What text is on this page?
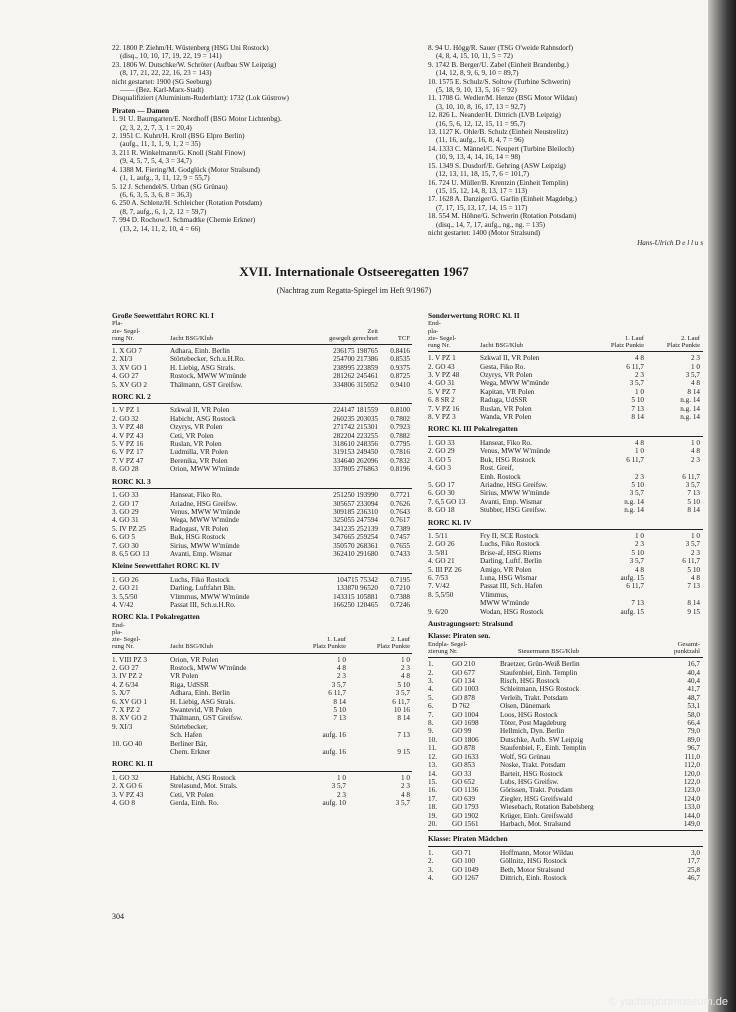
22. 1800 P. Ziehm/H. Wüstenberg (HSG Uni Rostock)
(disq., 10, 10, 17, 19, 22, 19 = 141)
23. 1806 W. Dutschke/W. Schröter (Aufbau SW Leipzig)
(8, 17, 21, 22, 22, 16, 23 = 143)
nicht gestartet: 1900 (SG Seeburg)
—— (Bez. Karl-Marx-Stadt)
Disqualifiziert (Aluminium-Ruderblatt): 1732 (Lok Güstrow)
Piraten — Damen
1. 91 U. Baumgarten/E. Nordhoff (BSG Motor Lichtenbg).
(2, 3, 2, 2, 7, 3, 1 = 20,4)
2. 1951 C. Kuhrt/H. Kroll (BSG Elpro Berlin)
(aufg., 11, 1, 1, 9, 1, 2 = 35)
3. 211 R. Winkelmann/G. Knoll (Stahl Finow)
(9, 4, 5, 7, 5, 4, 3 = 34,7)
4. 1388 M. Fiering/M. Godglück (Motor Stralsund)
(1, 1, aufg., 3, 11, 12, 9 = 55,7)
5. 12 J. Schendel/S. Urban (SG Grünau)
(6, 6, 3, 5, 3, 6, 8 = 36,3)
6. 250 A. Schlenz/H. Schleicher (Rotation Potsdam)
(8, 7, aufg., 6, 1, 2, 12 = 59,7)
7. 994 D. Rochow/J. Schmadtke (Chemie Erkner)
(13, 2, 14, 11, 2, 10, 4 = 66)
8. 94 U. Högg/R. Sauer (TSG O'weide Rahnsdorf)
(4, 8, 4, 15, 10, 11, 5 = 72)
9. 1742 B. Berger/U. Zabel (Einheit Brandenbg.)
(14, 12, 8, 9, 6, 9, 10 = 89,7)
10. 1575 E. Schulz/S. Soltow (Turbine Schwerin)
(5, 18, 9, 10, 13, 5, 16 = 92)
11. 1708 G. Wedler/M. Henze (BSG Motor Wildau)
(3, 10, 10, 8, 16, 17, 13 = 92,7)
12. 826 L. Neander/H. Dittrich (LVB Leipzig)
(16, 5, 6, 12, 12, 15, 11 = 95,7)
13. 1127 K. Ohle/B. Schulz (Einheit Neustrelitz)
(11, 16, aufg., 16, 8, 4, 7 = 96)
14. 1333 C. Männel/C. Neupert (Turbine Bleiloch)
(10, 9, 13, 4, 14, 16, 14 = 98)
15. 1349 S. Dusdorf/E. Gehring (ASW Leipzig)
(12, 13, 11, 18, 15, 7, 6 = 101,7)
16. 724 U. Müller/B. Krentzin (Einheit Templin)
(15, 15, 12, 14, 8, 13, 17 = 113)
17. 1628 A. Danziger/G. Garlin (Einheit Magdebg.)
(7, 17, 15, 13, 17, 14, 15 = 117)
18. 554 M. Höhne/G. Schwerin (Rotation Potsdam)
(disq., 14, 7, 17, aufg., ng., ng. = 135)
nicht gestartet: 1400 (Motor Stralsund)
Hans-Ulrich D e l l u s
XVII. Internationale Ostseeregatten 1967
(Nachtrag zum Regatta-Spiegel im Heft 9/1967)
Große Seewettfahrt RORC Kl. I
Pla-
zie- Segel-
rung Nr.	Jacht BSG/Klub
Zeit
gesegelt gerechnet	TCF
1. X GO 7	Adhara, Einh. Berlin	236175 198765	0.8416
2. XI/3	Störtebecker, Sch.u.H.Ro.	254700 217386	0.8535
3. XV GO 1	H. Liebig, ASG Strals.	238995 223859	0.9375
4. GO 27	Rostock, MWW W'münde	281262 245461	0.8725
5. XV GO 2	Thälmann, GST Greifsw.	334806 315052	0.9410
RORC Kl. 2
1. V PZ 1	Szkwal II, VR Polen	224147 181559	0.8100
2. GO 32	Habicht, ASG Rostock	260235 203035	0.7802
3. V PZ 48	Ozyrys, VR Polen	271742 215301	0.7923
4. V PZ 43	Ceti, VR Polen	282204 223255	0.7882
5. V PZ 16	Ruslan, VR Polen	318610 248356	0.7795
6. V PZ 17	Ludmilla, VR Polen	319153 249450	0.7816
7. V PZ 47	Berenika, VR Polen	334640 262096	0.7832
8. GO 28	Orion, MWW W'münde	337805 276863	0.8196
RORC Kl. 3
1. GO 33	Hanseat, Fiko Ro.	251250 193990	0.7721
2. GO 17	Ariadne, HSG Greifsw.	305657 233094	0.7626
3. GO 29	Venus, MWW W'münde	309185 236310	0.7643
4. GO 31	Wega, MWW W'münde	325055 247594	0.7617
5. IV PZ 25	Radogast, VR Polen	341235 252139	0.7389
6. GO 5	Buk, HSG Rostock	347665 259254	0.7457
7. GO 30	Sirius, MWW W'münde	350570 268361	0.7655
8. 6,5 GO 13	Avanti, Emp. Wismar	362410 291680	0.7433
Kleine Seewettfahrt RORC Kl. IV
1. GO 26	Luchs, Fiko Rostock	104715 75342	0.7195
2. GO 21	Darling, Luftfahrt Bln.	133870 96520	0.7210
3. 5,5/50	Vlimmus, MWW W'münde	143315 105881	0.7388
4. V/42	Passat III, Sch.u.H.Ro.	166250 120465	0.7246
RORC Kla. I Pokalregatten
End-
pla-
zie- Segel-
rung Nr.	Jacht BSG/Klub
1. Lauf
Platz Punkte
2. Lauf
Platz Punkte
1. VIII PZ 3	Orion, VR Polen	1 0	1 0
2. GO 27	Rostock, MWW W'münde	4 8	2 3
3. IV PZ 2	VR Polen	2 3	4 8
4. Z 6/34	Riga, UdSSR	3 5,7	5 10
5. X/7	Adhara, Einh. Berlin	6 11,7	3 5,7
6. XV GO 1	H. Liebig, ASG Strals.	8 14	6 11,7
7. X PZ 2	Swantevid, VR Polen	5 10	10 16
8. XV GO 2	Thälmann, GST Greifsw.	7 13	8 14
9. XI/3	Störtebecker,
Sch. Hafen	aufg. 16	7 13
10. GO 40	Berliner Bär,
Chem. Erkner	aufg. 16	9 15
RORC Kl. II
1. GO 32	Habicht, ASG Rostock	1 0	1 0
2. X GO 6	Strelasund, Mot. Strals.	3 5,7	2 3
3. V PZ 43	Ceti, VR Polen	2 3	4 8
4. GO 8	Gerda, Einh. Ro.	aufg. 10	3 5,7
Sonderwertung RORC Kl. II
End-
pla-
zie- Segel-
rung Nr.	Jacht BSG/Klub
1. Lauf
Platz Punkte
2. Lauf
Platz Punkte
1. V PZ 1	Szkwal II, VR Polen	4 8	2 3
2. GO 43	Gesta, Fiko Ro.	6 11,7	1 0
3. V PZ 48	Ozyrys, VR Polen	2 3	3 5,7
4. GO 31	Wega, MWW W'münde	3 5,7	4 8
5. V PZ 7	Kapitan, VR Polen	1 0	8 14
6. 8 SR 2	Raduga, UdSSR	5 10	n.g. 14
7. V PZ 16	Ruslan, VR Polen	7 13	n.g. 14
8. V PZ 3	Wanda, VR Polen	8 14	n.g. 14
RORC Kl. III Pokalregatten
1. GO 33	Hanseat, Fiko Ro.	4 8	1 0
2. GO 29	Venus, MWW W'münde	1 0	4 8
3. GO 5	Buk, HSG Rostock	6 11,7	2 3
4. GO 3	Rost. Greif,
Einh. Rostock	2 3	6 11,7
5. GO 17	Ariadne, HSG Greifsw.	5 10	3 5,7
6. GO 30	Sirius, MWW W'münde	3 5,7	7 13
7. 6,5 GO 13	Avanti, Emp. Wismar	n.g. 14	5 10
8. GO 18	Stubber, HSG Greifsw.	n.g. 14	8 14
RORC Kl. IV
1. 5/11	Fry II, SCE Rostock	1 0	1 0
2. GO 26	Luchs, Fiko Rostock	2 3	3 5,7
3. 5/81	Brise-af, HSG Riems	5 10	2 3
4. GO 21	Darling, Luftf. Berlin	3 5,7	6 11,7
5. III PZ 26	Amigo, VR Polen	4 8	5 10
6. 7/53	Luna, HSG Wismar	aufg. 15	4 8
7. V/42	Passat III, Sch. Hafen	6 11,7	7 13
8. 5,5/50	Vlimmus,
MWW W'münde	7 13	8 14
9. 6/20	Wodan, HSG Rostock	aufg. 15	9 15
Austragungsort: Stralsund
Klasse: Piraten sen.
Endpla- Segel-
zierung Nr.	Steuermann BSG/Klub
Gesamt-
punktzahl
1.	GO 210	Braetzer, Grün-Weiß Berlin	16,7
2.	GO 677	Staufenbiel, Einh. Templin	40,4
3.	GO 134	Risch, HSG Rostock	40,4
4.	GO 1003	Schleitmann, HSG Rostock	41,7
5.	GO 878	Verleih, Trakt. Potsdam	48,7
6.	D 762	Olsen, Dänemark	53,1
7.	GO 1004	Loos, HSG Rostock	58,0
8.	GO 1698	Töter, Post Magdeburg	66,4
9.	GO 99	Hellmich, Dyn. Berlin	79,0
10.	GO 1806	Dutschke, Aufb. SW Leipzig	89,0
11.	GO 878	Staufenbiel, F., Einh. Templin	96,7
12.	GO 1633	Wolf, SG Grünau	111,0
13.	GO 853	Noske, Trakt. Potsdam	112,0
14.	GO 33	Barteit, HSG Rostock	120,0
15.	GO 652	Lubs, HSG Greifsw.	122,0
16.	GO 1136	Görissen, Trakt. Potsdam	123,0
17.	GO 639	Ziegler, HSG Greifswald	124,0
18.	GO 1793	Wiesebach, Rotation Babelsberg	133,0
19.	GO 1902	Krüger, Einh. Greifswald	144,0
20.	GO 1561	Harbach, Mot. Stralsund	149,0
Klasse: Piraten Mädchen
1.	GO 71	Hoffmann, Motor Wildau	3,0
2.	GO 100	Göllnitz, HSG Rostock	17,7
3.	GO 1049	Beth, Motor Stralsund	25,8
4.	GO 1267	Dittrich, Einh. Rostock	46,7
304
© yachtsportmuseum.de
